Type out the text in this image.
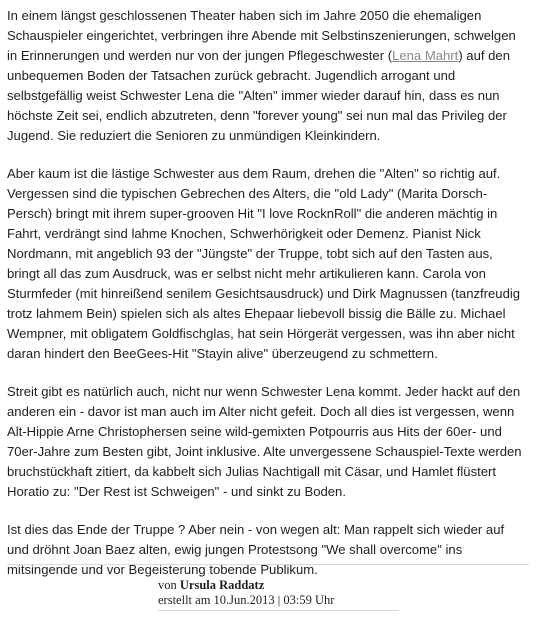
In einem längst geschlossenen Theater haben sich im Jahre 2050 die ehemaligen Schauspieler eingerichtet, verbringen ihre Abende mit Selbstinszenierungen, schwelgen in Erinnerungen und werden nur von der jungen Pflegeschwester (Lena Mahrt) auf den unbequemen Boden der Tatsachen zurück gebracht. Jugendlich arrogant und selbstgefällig weist Schwester Lena die "Alten" immer wieder darauf hin, dass es nun höchste Zeit sei, endlich abzutreten, denn "forever young" sei nun mal das Privileg der Jugend. Sie reduziert die Senioren zu unmündigen Kleinkindern.

Aber kaum ist die lästige Schwester aus dem Raum, drehen die "Alten" so richtig auf. Vergessen sind die typischen Gebrechen des Alters, die "old Lady" (Marita Dorsch-Persch) bringt mit ihrem super-grooven Hit "I love RocknRoll" die anderen mächtig in Fahrt, verdrängt sind lahme Knochen, Schwerhörigkeit oder Demenz. Pianist Nick Nordmann, mit angeblich 93 der "Jüngste" der Truppe, tobt sich auf den Tasten aus, bringt all das zum Ausdruck, was er selbst nicht mehr artikulieren kann. Carola von Sturmfeder (mit hinreißend senilem Gesichtsausdruck) und Dirk Magnussen (tanzfreudig trotz lahmem Bein) spielen sich als altes Ehepaar liebevoll bissig die Bälle zu. Michael Wempner, mit obligatem Goldfischglas, hat sein Hörgerät vergessen, was ihn aber nicht daran hindert den BeeGees-Hit "Stayin alive" überzeugend zu schmettern.

Streit gibt es natürlich auch, nicht nur wenn Schwester Lena kommt. Jeder hackt auf den anderen ein - davor ist man auch im Alter nicht gefeit. Doch all dies ist vergessen, wenn Alt-Hippie Arne Christophersen seine wild-gemixten Potpourris aus Hits der 60er- und 70er-Jahre zum Besten gibt, Joint inklusive. Alte unvergessene Schauspiel-Texte werden bruchstückhaft zitiert, da kabbelt sich Julias Nachtigall mit Cäsar, und Hamlet flüstert Horatio zu: "Der Rest ist Schweigen" - und sinkt zu Boden.

Ist dies das Ende der Truppe ? Aber nein - von wegen alt: Man rappelt sich wieder auf und dröhnt Joan Baez alten, ewig jungen Protestsong "We shall overcome" ins mitsingende und vor Begeisterung tobende Publikum.

von Ursula Raddatz
erstellt am 10.Jun.2013 | 03:59 Uhr
